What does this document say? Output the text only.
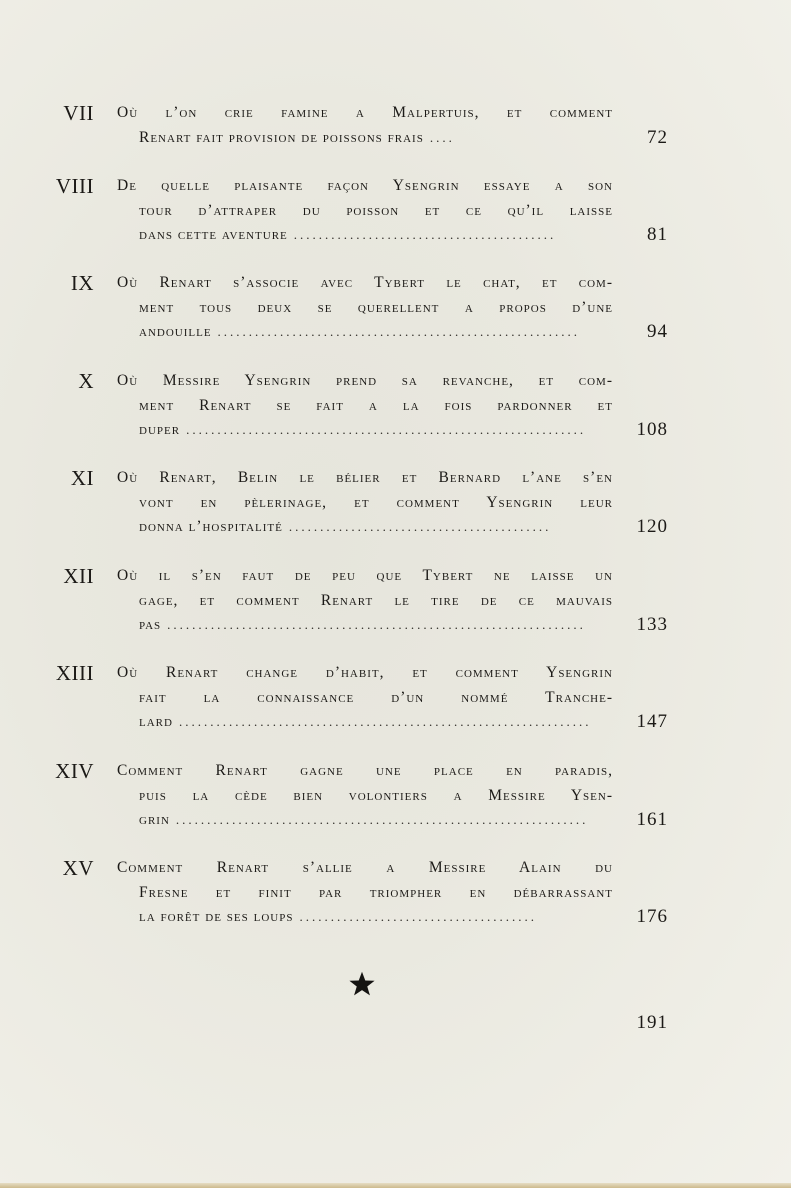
VII Où l’on crie famine a Malpertuis, et comment
Renart fait provision de poissons frais ....	72
VIII De quelle plaisante façon Ysengrin essaye a son
tour d’attraper du poisson et ce qu’il laisse
dans cette aventure ..........................................	81
IX Où Renart s’associe avec Tybert le chat, et com-
ment tous deux se querellent a propos d’une
andouille ..........................................................	94
X Où Messire Ysengrin prend sa revanche, et com-
ment Renart se fait a la fois pardonner et
duper ................................................................	108
XI Où Renart, Belin le bélier et Bernard l’ane s’en
vont en pèlerinage, et comment Ysengrin leur
donna l’hospitalité ..........................................	120
XII Où il s’en faut de peu que Tybert ne laisse un
gage, et comment Renart le tire de ce mauvais
pas ...................................................................	133
XIII Où Renart change d’habit, et comment Ysengrin
fait la connaissance d’un nommé Tranche-
lard ..................................................................	147
XIV Comment Renart gagne une place en paradis,
puis la cède bien volontiers a Messire Ysen-
grin ..................................................................	161
XV Comment Renart s’allie a Messire Alain du
Fresne et finit par triompher en débarrassant
la forêt de ses loups ......................................	176
191
